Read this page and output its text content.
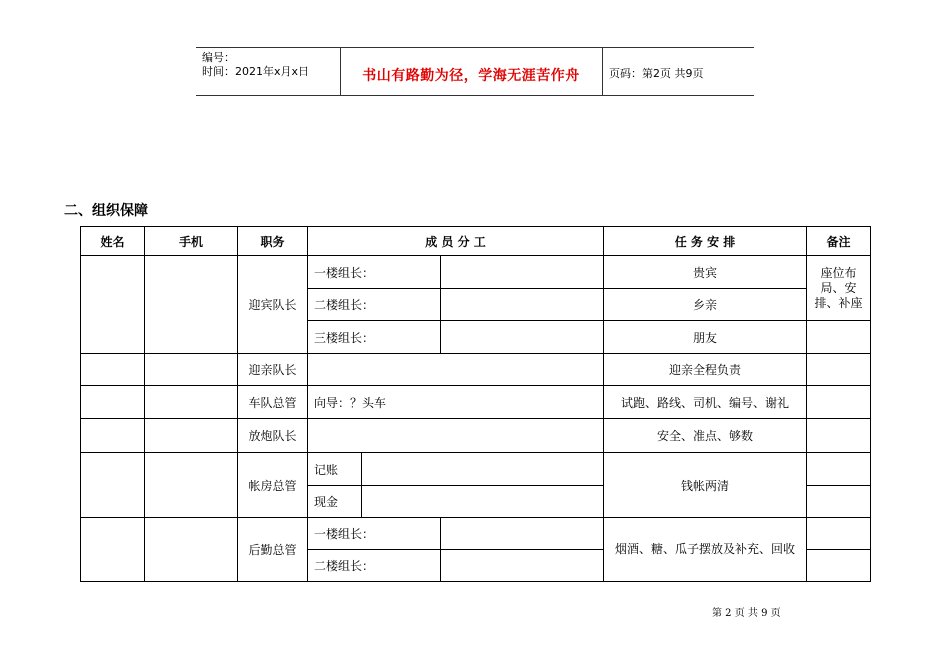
编号：
时间：2021年x月x日	书山有路勤为径，学海无涯苦作舟	页码：第2页 共9页
二、组织保障
姓名	手机	职务	成 员 分 工			任 务 安 排	备注
		迎宾队长	一楼组长：			贵宾	座位布局、安排、补座
			二楼组长：			乡亲	
			三楼组长：			朋友	
		迎亲队长				迎亲全程负责	
		车队总管	向导：？头车			试跑、路线、司机、编号、谢礼	
		放炮队长				安全、准点、够数	
		帐房总管	记账			钱帐两清	
			现金				
		后勤总管	一楼组长：			烟酒、糖、瓜子摆放及补充、回收	
			二楼组长：				
第 2 页 共 9 页
